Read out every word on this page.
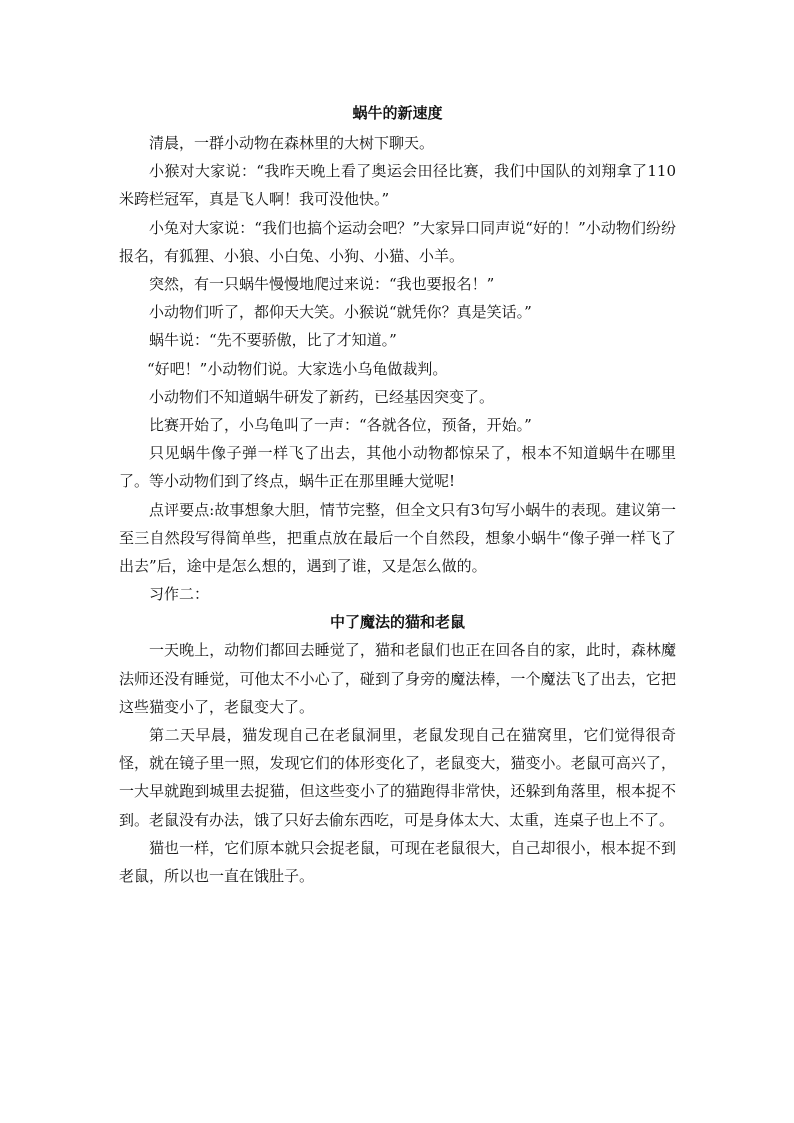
蜗牛的新速度

清晨，一群小动物在森林里的大树下聊天。

小猴对大家说：“我昨天晚上看了奥运会田径比赛，我们中国队的刘翔拿了110米跨栏冠军，真是飞人啊！我可没他快。”

小兔对大家说：“我们也搞个运动会吧？”大家异口同声说“好的！”小动物们纷纷报名，有狐狸、小狼、小白兔、小狗、小猫、小羊。

突然，有一只蜗牛慢慢地爬过来说：“我也要报名！”

小动物们听了，都仰天大笑。小猴说“就凭你？真是笑话。”

蜗牛说：“先不要骄傲，比了才知道。”

“好吧！”小动物们说。大家选小乌龟做裁判。

小动物们不知道蜗牛研发了新药，已经基因突变了。

比赛开始了，小乌龟叫了一声：“各就各位，预备，开始。”

只见蜗牛像子弹一样飞了出去，其他小动物都惊呆了，根本不知道蜗牛在哪里了。等小动物们到了终点，蜗牛正在那里睡大觉呢!

点评要点:故事想象大胆，情节完整，但全文只有3句写小蜗牛的表现。建议第一至三自然段写得简单些，把重点放在最后一个自然段，想象小蜗牛“像子弹一样飞了出去”后，途中是怎么想的，遇到了谁，又是怎么做的。

习作二：

中了魔法的猫和老鼠

一天晚上，动物们都回去睡觉了，猫和老鼠们也正在回各自的家，此时，森林魔法师还没有睡觉，可他太不小心了，碰到了身旁的魔法棒，一个魔法飞了出去，它把这些猫变小了，老鼠变大了。

第二天早晨，猫发现自己在老鼠洞里，老鼠发现自己在猫窝里，它们觉得很奇怪，就在镜子里一照，发现它们的体形变化了，老鼠变大，猫变小。老鼠可高兴了，一大早就跑到城里去捉猫，但这些变小了的猫跑得非常快，还躲到角落里，根本捉不到。老鼠没有办法，饿了只好去偷东西吃，可是身体太大、太重，连桌子也上不了。

猫也一样，它们原本就只会捉老鼠，可现在老鼠很大，自己却很小，根本捉不到老鼠，所以也一直在饿肚子。
